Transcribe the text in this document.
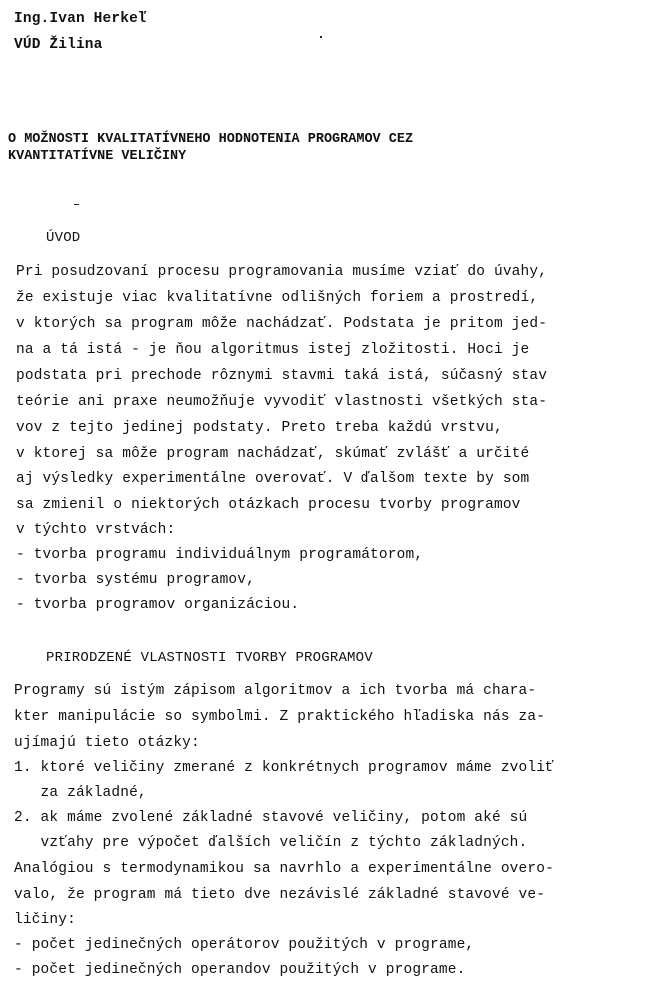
Ing.Ivan Herkeľ
VÚD Žilina
O MOŽNOSTI KVALITATÍVNEHO HODNOTENIA PROGRAMOV CEZ
KVANTITATÍVNE VELIČINY
ÚVOD
Pri posudzovaní procesu programovania musíme vziať do úvahy,
že existuje viac kvalitatívne odlišných foriem a prostredí,
v ktorých sa program môže nachádzať. Podstata je pritom jed-
na a tá istá - je ňou algoritmus istej zložitosti. Hoci je
podstata pri prechode rôznymi stavmi taká istá, súčasný stav
teórie ani praxe neumožňuje vyvodiť vlastnosti všetkých sta-
vov z tejto jedinej podstaty. Preto treba každú vrstvu,
v ktorej sa môže program nachádzať, skúmať zvlášť a určité
aj výsledky experimentálne overovať. V ďalšom texte by som
sa zmienil o niektorých otázkach procesu tvorby programov
v týchto vrstvách:
- tvorba programu individuálnym programátorom,
- tvorba systému programov,
- tvorba programov organizáciou.
PRIRODZENÉ VLASTNOSTI TVORBY PROGRAMOV
Programy sú istým zápisom algoritmov a ich tvorba má chara-
kter manipulácie so symbolmi. Z praktického hľadiska nás za-
ujímajú tieto otázky:
1. ktoré veličiny zmerané z konkrétnych programov máme zvoliť
za základné,
2. ak máme zvolené základné stavové veličiny, potom aké sú
vzťahy pre výpočet ďalších veličín z týchto základných.
Analógiou s termodynamikou sa navrhlo a experimentálne overo-
valo, že program má tieto dve nezávislé základné stavové ve-
ličiny:
- počet jedinečných operátorov použitých v programe,
- počet jedinečných operandov použitých v programe.
